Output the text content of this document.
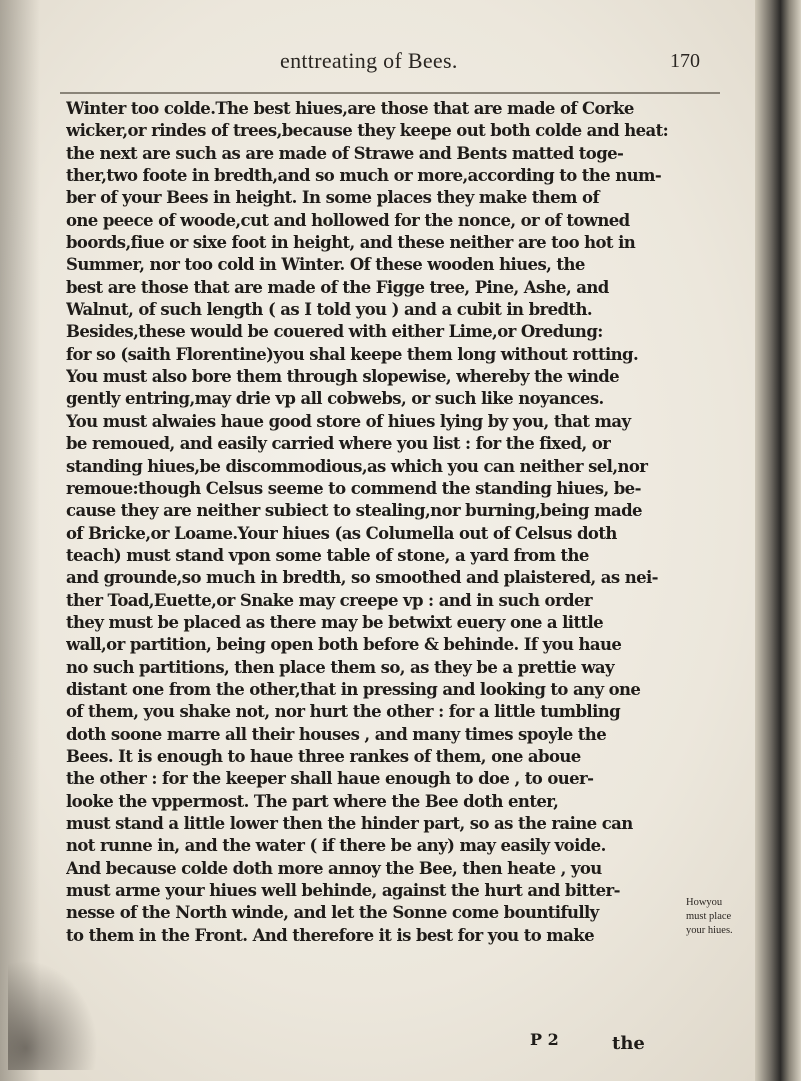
enttreating of Bees.	170
Winter too colde.The best hiues,are those that are made of Corke
wicker,or rindes of trees,because they keepe out both colde and heat:
the next are such as are made of Strawe and Bents matted toge-
ther,two foote in bredth,and so much or more,according to the num-
ber of your Bees in height. In some places they make them of
one peece of woode,cut and hollowed for the nonce, or of towned
boords,fiue or sixe foot in height, and these neither are too hot in
Summer, nor too cold in Winter. Of these wooden hiues, the
best are those that are made of the Figge tree, Pine, Ashe, and
Walnut, of such length ( as I told you ) and a cubit in bredth.
Besides,these would be couered with either Lime,or Oredung:
for so (saith Florentine)you shal keepe them long without rotting.
You must also bore them through slopewise, whereby the winde
gently entring,may drie vp all cobwebs, or such like noyances.
You must alwaies haue good store of hiues lying by you, that may
be remoued, and easily carried where you list : for the fixed, or
standing hiues,be discommodious,as which you can neither sel,nor
remoue:though Celsus seeme to commend the standing hiues, be-
cause they are neither subiect to stealing,nor burning,being made
of Bricke,or Loame.Your hiues (as Columella out of Celsus doth
teach) must stand vpon some table of stone, a yard from the
and grounde,so much in bredth, so smoothed and plaistered, as nei-
ther Toad,Euette,or Snake may creepe vp : and in such order
they must be placed as there may be betwixt euery one a little
wall,or partition, being open both before & behinde. If you haue
no such partitions, then place them so, as they be a prettie way
distant one from the other,that in pressing and looking to any one
of them, you shake not, nor hurt the other : for a little tumbling
doth soone marre all their houses , and many times spoyle the
Bees. It is enough to haue three rankes of them, one aboue
the other : for the keeper shall haue enough to doe , to ouer-
looke the vppermost. The part where the Bee doth enter,
must stand a little lower then the hinder part, so as the raine can
not runne in, and the water ( if there be any) may easily voide.
And because colde doth more annoy the Bee, then heate , you
must arme your hiues well behinde, against the hurt and bitter-
nesse of the North winde, and let the Sonne come bountifully
to them in the Front. And therefore it is best for you to make
Howyou
must place
your hiues.
P 2	the
